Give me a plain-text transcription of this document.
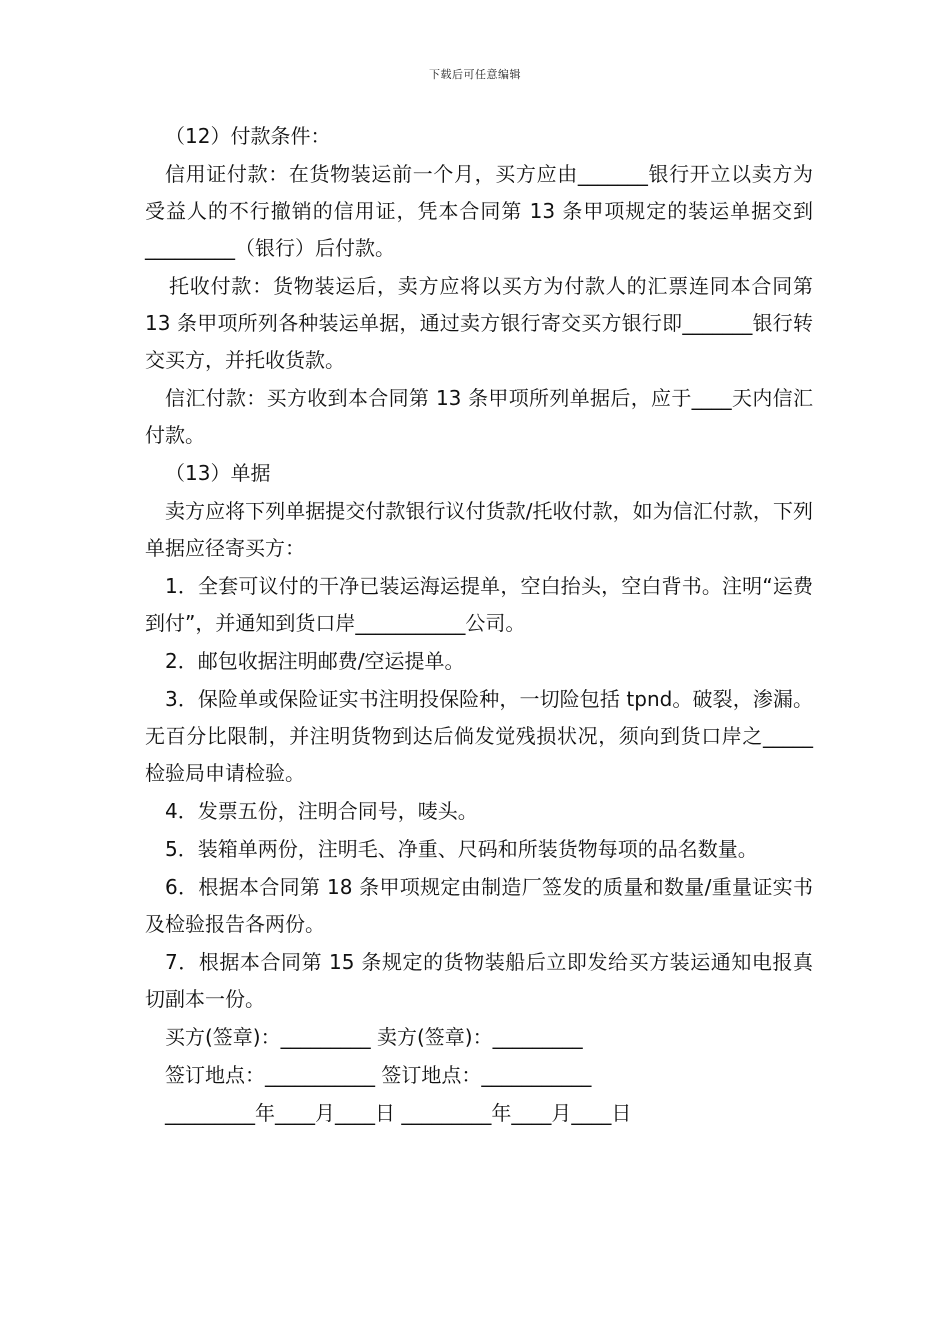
下载后可任意编辑

（12）付款条件：

信用证付款：在货物装运前一个月，买方应由_______银行开立以卖方为受益人的不行撤销的信用证，凭本合同第 13 条甲项规定的装运单据交到_________（银行）后付款。

托收付款：货物装运后，卖方应将以买方为付款人的汇票连同本合同第 13 条甲项所列各种装运单据，通过卖方银行寄交买方银行即_______银行转交买方，并托收货款。

信汇付款：买方收到本合同第 13 条甲项所列单据后，应于____天内信汇付款。

（13）单据

卖方应将下列单据提交付款银行议付货款/托收付款，如为信汇付款，下列单据应径寄买方：

1．全套可议付的干净已装运海运提单，空白抬头，空白背书。注明“运费到付”，并通知到货口岸___________公司。

2．邮包收据注明邮费/空运提单。

3．保险单或保险证实书注明投保险种，一切险包括 tpnd。破裂，渗漏。无百分比限制，并注明货物到达后倘发觉残损状况，须向到货口岸之_____检验局申请检验。

4．发票五份，注明合同号，唛头。

5．装箱单两份，注明毛、净重、尺码和所装货物每项的品名数量。

6．根据本合同第 18 条甲项规定由制造厂签发的质量和数量/重量证实书及检验报告各两份。

7．根据本合同第 15 条规定的货物装船后立即发给买方装运通知电报真切副本一份。

买方(签章)：_________ 卖方(签章)：_________

签订地点：___________ 签订地点：___________

_________年____月____日 _________年____月____日
